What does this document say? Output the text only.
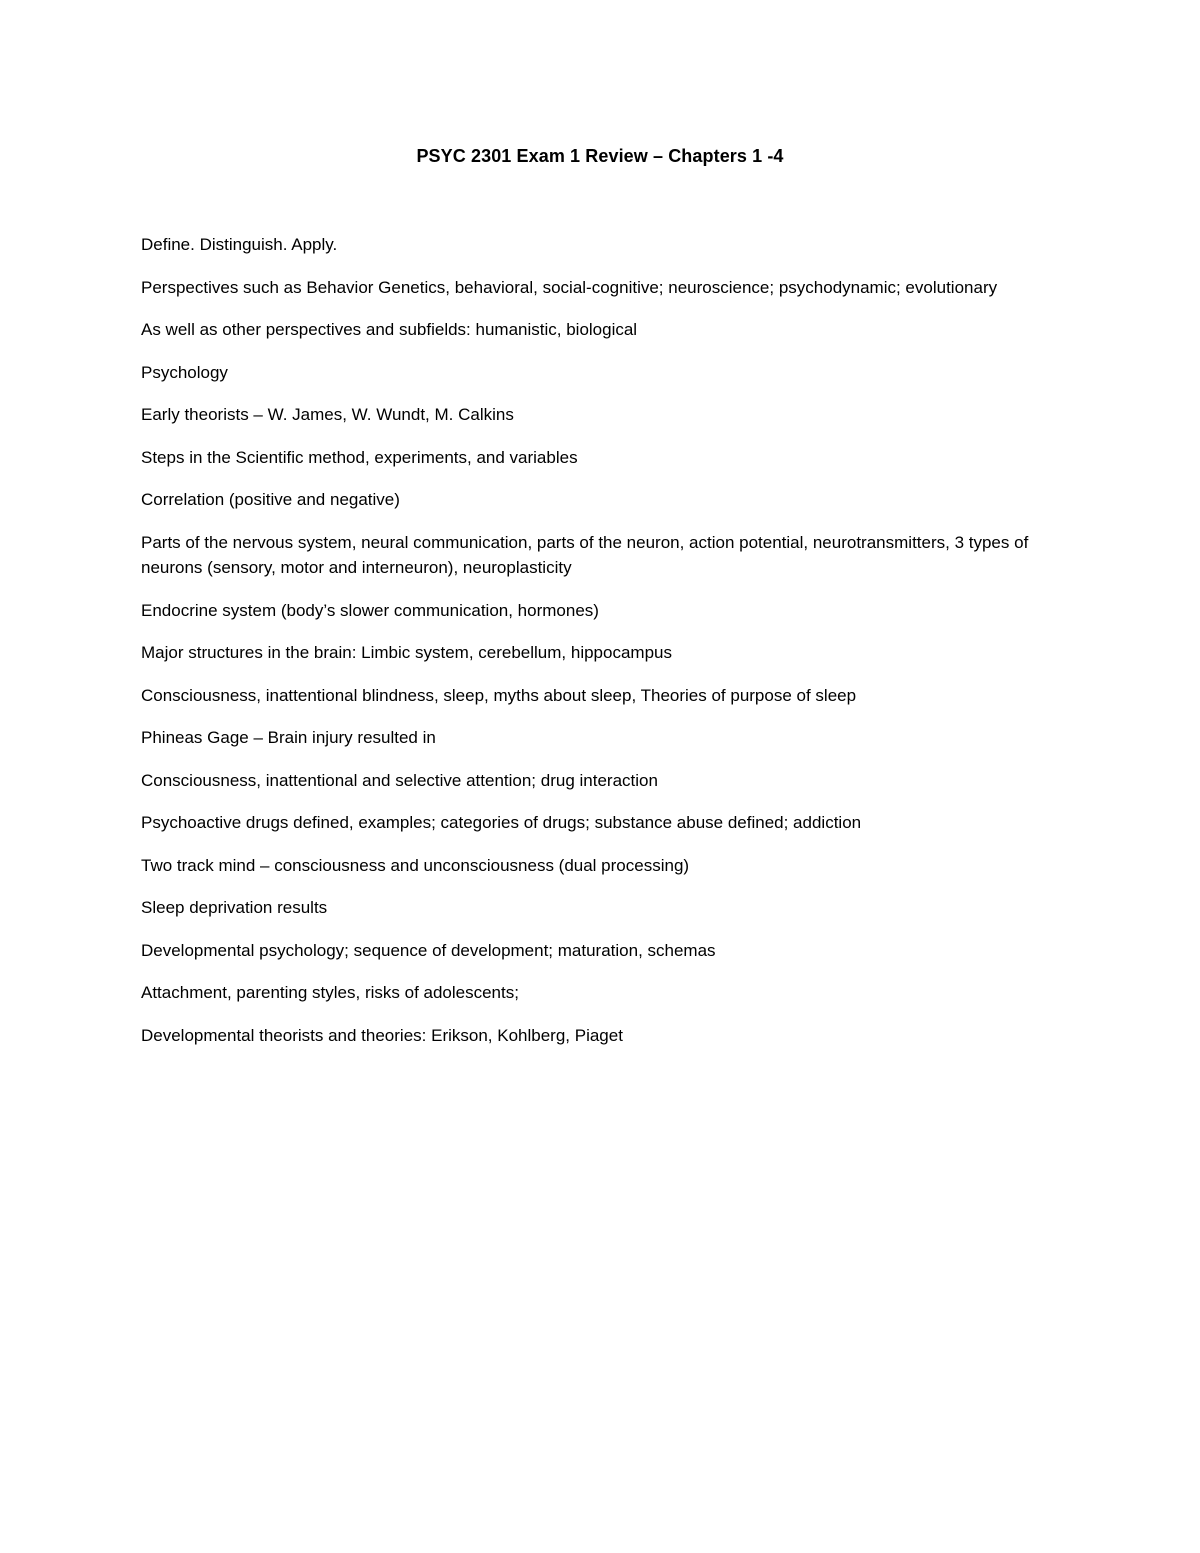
PSYC 2301 Exam 1 Review – Chapters 1 -4

Define. Distinguish. Apply.

Perspectives such as Behavior Genetics, behavioral, social-cognitive; neuroscience; psychodynamic; evolutionary

As well as other perspectives and subfields: humanistic, biological

Psychology

Early theorists – W. James, W. Wundt, M. Calkins

Steps in the Scientific method, experiments, and variables

Correlation (positive and negative)

Parts of the nervous system, neural communication, parts of the neuron, action potential, neurotransmitters, 3 types of neurons (sensory, motor and interneuron), neuroplasticity

Endocrine system (body’s slower communication, hormones)

Major structures in the brain: Limbic system, cerebellum, hippocampus

Consciousness, inattentional blindness, sleep, myths about sleep, Theories of purpose of sleep

Phineas Gage – Brain injury resulted in

Consciousness, inattentional and selective attention; drug interaction

Psychoactive drugs defined, examples; categories of drugs; substance abuse defined; addiction

Two track mind – consciousness and unconsciousness (dual processing)

Sleep deprivation results

Developmental psychology; sequence of development; maturation, schemas

Attachment, parenting styles, risks of adolescents;

Developmental theorists and theories: Erikson, Kohlberg, Piaget
